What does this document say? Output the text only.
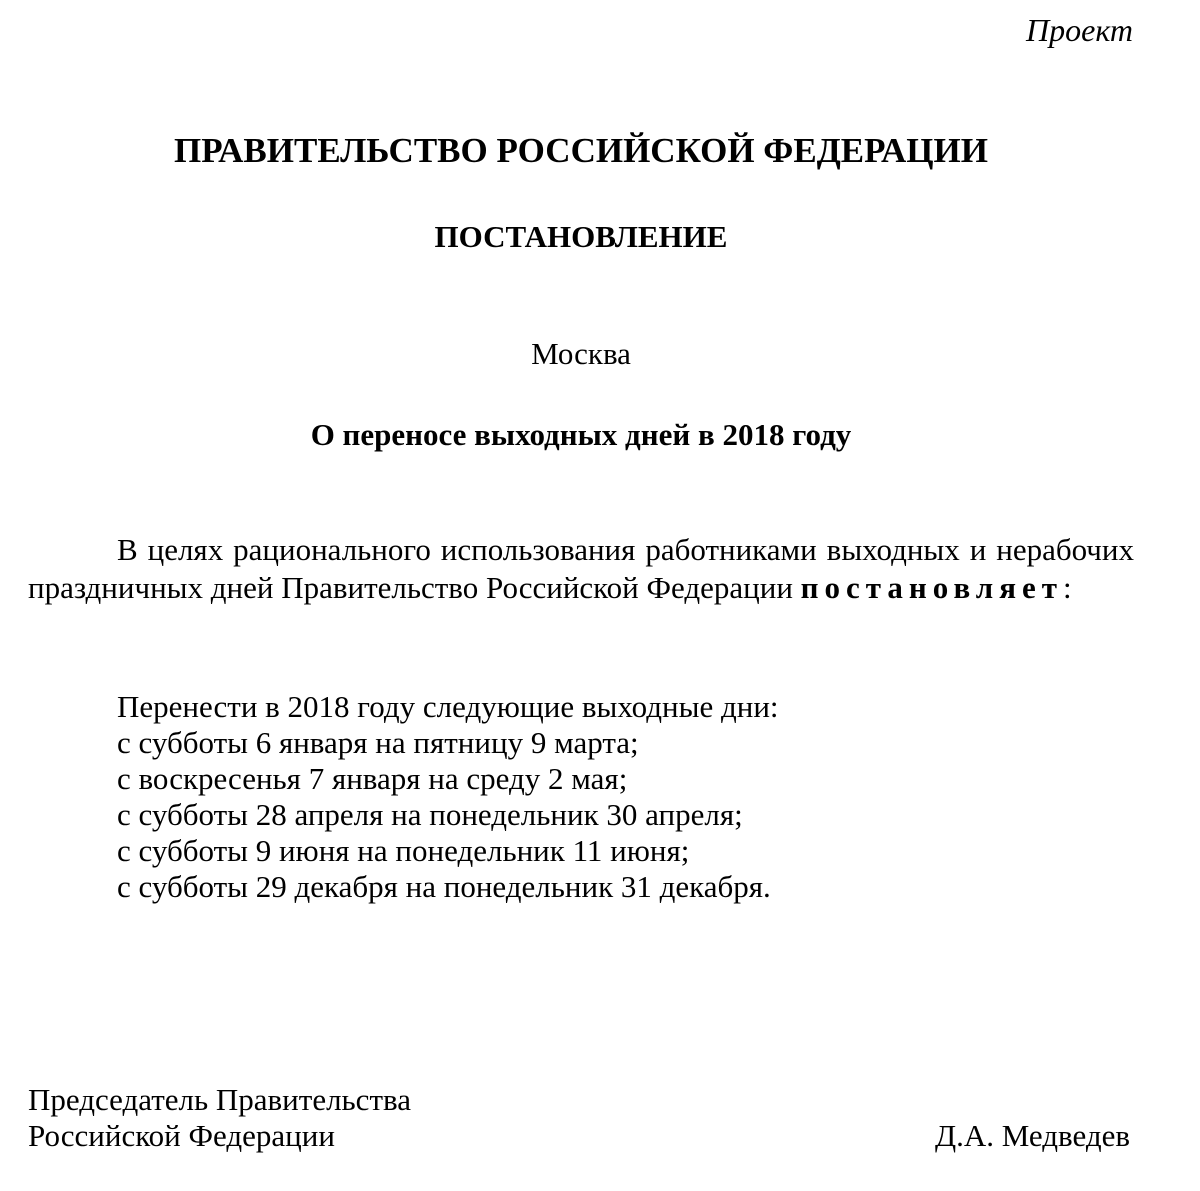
Проект
ПРАВИТЕЛЬСТВО РОССИЙСКОЙ ФЕДЕРАЦИИ
ПОСТАНОВЛЕНИЕ
Москва
О переносе выходных дней в 2018 году

В целях рационального использования работниками выходных и нерабочих праздничных дней Правительство Российской Федерации постановляет:

Перенести в 2018 году следующие выходные дни:
с субботы 6 января на пятницу 9 марта;
с воскресенья 7 января на среду 2 мая;
с субботы 28 апреля на понедельник 30 апреля;
с субботы 9 июня на понедельник 11 июня;
с субботы 29 декабря на понедельник 31 декабря.
Председатель Правительства
Российской Федерации	Д.А. Медведев
